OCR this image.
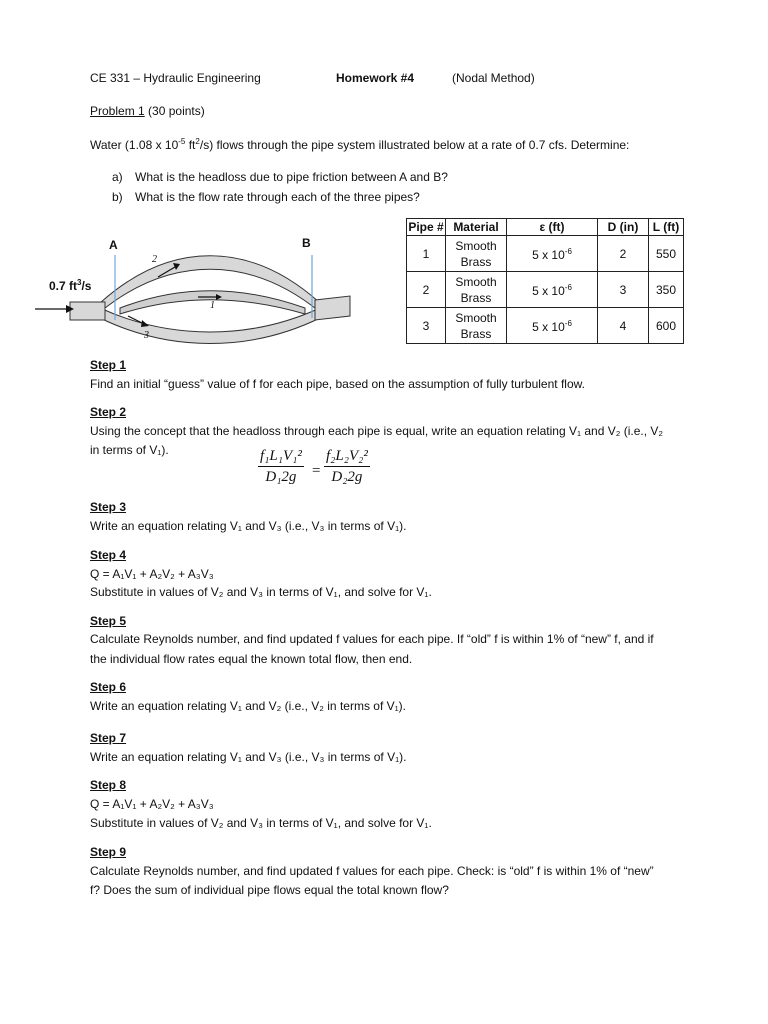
CE 331 – Hydraulic Engineering	Homework #4	(Nodal Method)
Problem 1 (30 points)
Water (1.08 x $10^{-5}$ $ft^2/s$) flows through the pipe system illustrated below at a rate of 0.7 cfs. Determine:
a) What is the headloss due to pipe friction between A and B?
b) What is the flow rate through each of the three pipes?
A	B
0.7 $ft^3/s$
2
1
3
Pipe #	Material	ε (ft)	D (in)	L (ft)
1	Smooth Brass	5 x $10^{-6}$	2	550
2	Smooth Brass	5 x $10^{-6}$	3	350
3	Smooth Brass	5 x $10^{-6}$	4	600
Step 1
Find an initial “guess” value of f for each pipe, based on the assumption of fully turbulent flow.
Step 2
Using the concept that the headloss through each pipe is equal, write an equation relating V₁ and V₂ (i.e., V₂
in terms of V₁).	$\frac{\text{f₁L₁V₁²}}{\text{D₁2g}} = \frac{\text{f₂L₂V₂²}}{\text{D₂2g}}$
Step 3
Write an equation relating V₁ and V₃ (i.e., V₃ in terms of V₁).
Step 4
Q = A₁V₁ + A₂V₂ + A₃V₃
Substitute in values of V₂ and V₃ in terms of V₁, and solve for V₁.
Step 5
Calculate Reynolds number, and find updated f values for each pipe. If “old” f is within 1% of “new” f, and if
the individual flow rates equal the known total flow, then end.
Step 6
Write an equation relating V₁ and V₂ (i.e., V₂ in terms of V₁).
Step 7
Write an equation relating V₁ and V₃ (i.e., V₃ in terms of V₁).
Step 8
Q = A₁V₁ + A₂V₂ + A₃V₃
Substitute in values of V₂ and V₃ in terms of V₁, and solve for V₁.
Step 9
Calculate Reynolds number, and find updated f values for each pipe. Check: is “old” f is within 1% of “new”
f? Does the sum of individual pipe flows equal the total known flow?
